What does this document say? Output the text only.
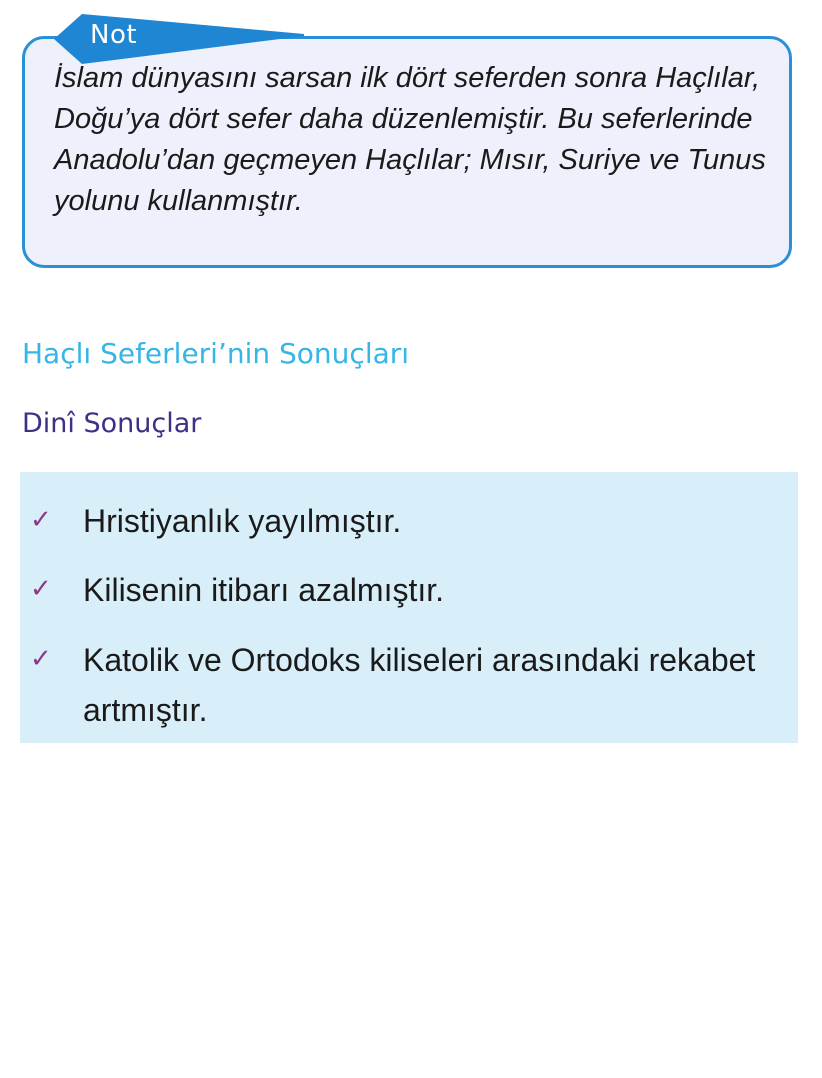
Not

İslam dünyasını sarsan ilk dört seferden sonra Haçlılar, Doğu’ya dört sefer daha düzenlemiştir. Bu seferlerinde Anadolu’dan geçmeyen Haçlılar; Mısır, Suriye ve Tunus yolunu kullanmıştır.

Haçlı Seferleri’nin Sonuçları
Dinî Sonuçlar
✓ Hristiyanlık yayılmıştır.
✓ Kilisenin itibarı azalmıştır.
✓ Katolik ve Ortodoks kiliseleri arasındaki rekabet artmıştır.
